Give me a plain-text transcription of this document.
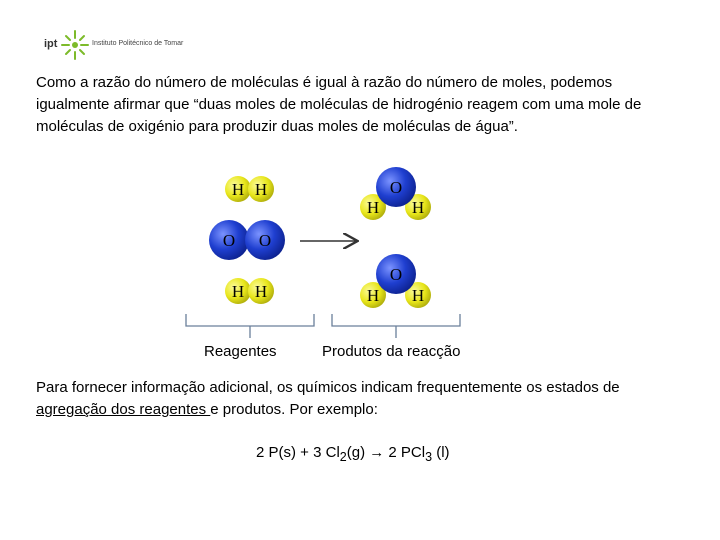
ipt	Instituto Politécnico de Tomar
Como a razão do número de moléculas é igual à razão do número de moles, podemos igualmente afirmar que “duas moles de moléculas de hidrogénio reagem com uma mole de moléculas de oxigénio para produzir duas moles de moléculas de água”.
H H
O O
H H
O
H H
O
H H
Reagentes	Produtos da reacção
Para fornecer informação adicional, os químicos indicam frequentemente os estados de agregação dos reagentes e produtos. Por exemplo:
2 P(s) + 3 $Cl_2(g) \to 2$ PCl$_3$ (l)
